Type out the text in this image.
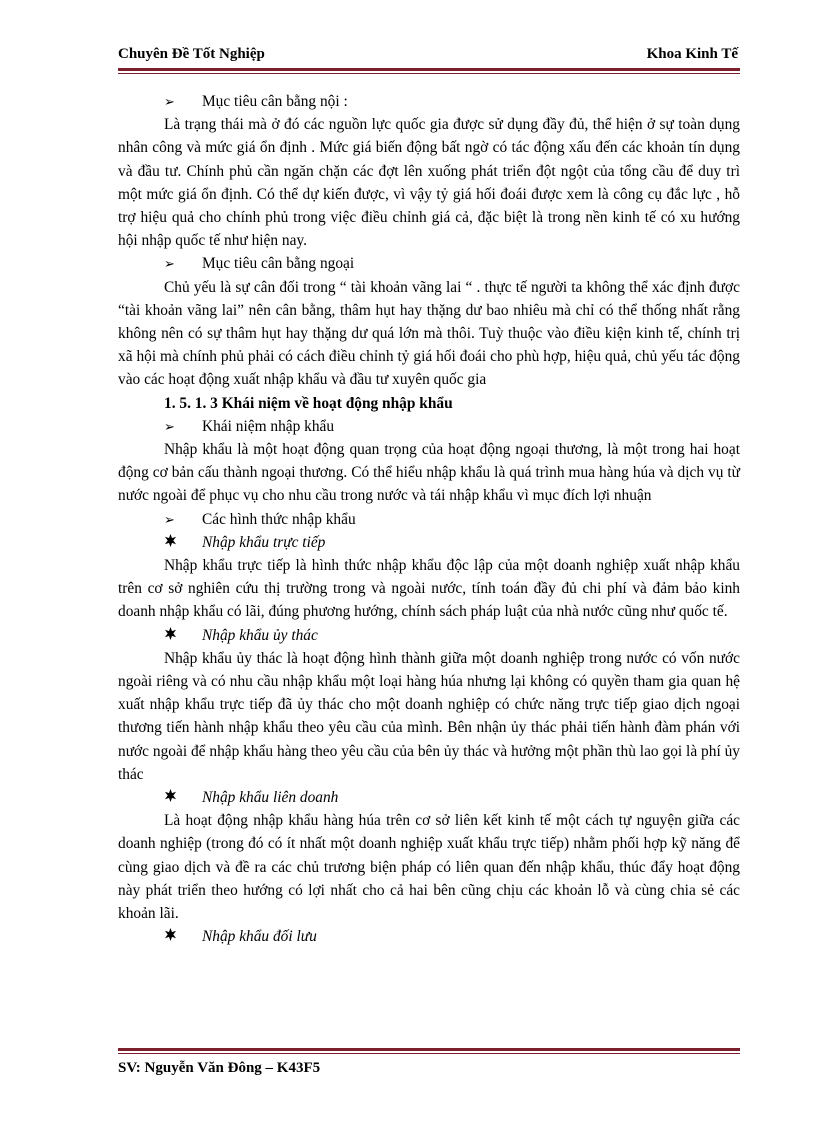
Chuyên Đề Tốt Nghiệp	Khoa Kinh Tế
➢	Mục tiêu cân bằng nội :

Là trạng thái mà ở đó các nguồn lực quốc gia được sử dụng đầy đủ, thể hiện ở sự toàn dụng nhân công và mức giá ổn định . Mức giá biến động bất ngờ có tác động xấu đến các khoản tín dụng và đầu tư. Chính phủ cần ngăn chặn các đợt lên xuống phát triển đột ngột của tổng cầu để duy trì một mức giá ổn định. Có thể dự kiến được, vì vậy tỷ giá hối đoái được xem là công cụ đắc lực , hỗ trợ hiệu quả cho chính phủ trong việc điều chỉnh giá cả, đặc biệt là trong nền kinh tế có xu hướng hội nhập quốc tế như hiện nay.

➢	Mục tiêu cân bằng ngoại

Chủ yếu là sự cân đối trong “ tài khoản vãng lai “ . thực tế người ta không thể xác định được “tài khoản vãng lai” nên cân bằng, thâm hụt hay thặng dư bao nhiêu mà chỉ có thể thống nhất rằng không nên có sự thâm hụt hay thặng dư quá lớn mà thôi. Tuỳ thuộc vào điều kiện kinh tế, chính trị xã hội mà chính phủ phải có cách điều chỉnh tỷ giá hối đoái cho phù hợp, hiệu quả, chủ yếu tác động vào các hoạt động xuất nhập khẩu và đầu tư xuyên quốc gia

1. 5. 1. 3 Khái niệm về hoạt động nhập khẩu

➢	Khái niệm nhập khẩu

Nhập khẩu là một hoạt động quan trọng của hoạt động ngoại thương, là một trong hai hoạt động cơ bản cấu thành ngoại thương. Có thể hiểu nhập khẩu là quá trình mua hàng húa và dịch vụ từ nước ngoài để phục vụ cho nhu cầu trong nước và tái nhập khẩu vì mục đích lợi nhuận

➢	Các hình thức nhập khẩu
Nhập khẩu trực tiếp

Nhập khẩu trực tiếp là hình thức nhập khẩu độc lập của một doanh nghiệp xuất nhập khẩu trên cơ sở nghiên cứu thị trường trong và ngoài nước, tính toán đầy đủ chi phí và đảm bảo kinh doanh nhập khẩu có lãi, đúng phương hướng, chính sách pháp luật của nhà nước cũng như quốc tế.

Nhập khẩu ủy thác

Nhập khẩu ủy thác là hoạt động hình thành giữa một doanh nghiệp trong nước có vốn nước ngoài riêng và có nhu cầu nhập khẩu một loại hàng húa nhưng lại không có quyền tham gia quan hệ xuất nhập khẩu trực tiếp đã ủy thác cho một doanh nghiệp có chức năng trực tiếp giao dịch ngoại thương tiến hành nhập khẩu theo yêu cầu của mình. Bên nhận ủy thác phải tiến hành đàm phán với nước ngoài để nhập khẩu hàng theo yêu cầu của bên ủy thác và hưởng một phần thù lao gọi là phí ủy thác

Nhập khẩu liên doanh

Là hoạt động nhập khẩu hàng húa trên cơ sở liên kết kinh tế một cách tự nguyện giữa các doanh nghiệp (trong đó có ít nhất một doanh nghiệp xuất khẩu trực tiếp) nhằm phối hợp kỹ năng để cùng giao dịch và đề ra các chủ trương biện pháp có liên quan đến nhập khẩu, thúc đẩy hoạt động này phát triển theo hướng có lợi nhất cho cả hai bên cũng chịu các khoản lỗ và cùng chia sẻ các khoản lãi.

Nhập khẩu đối lưu
SV: Nguyễn Văn Đông – K43F5
